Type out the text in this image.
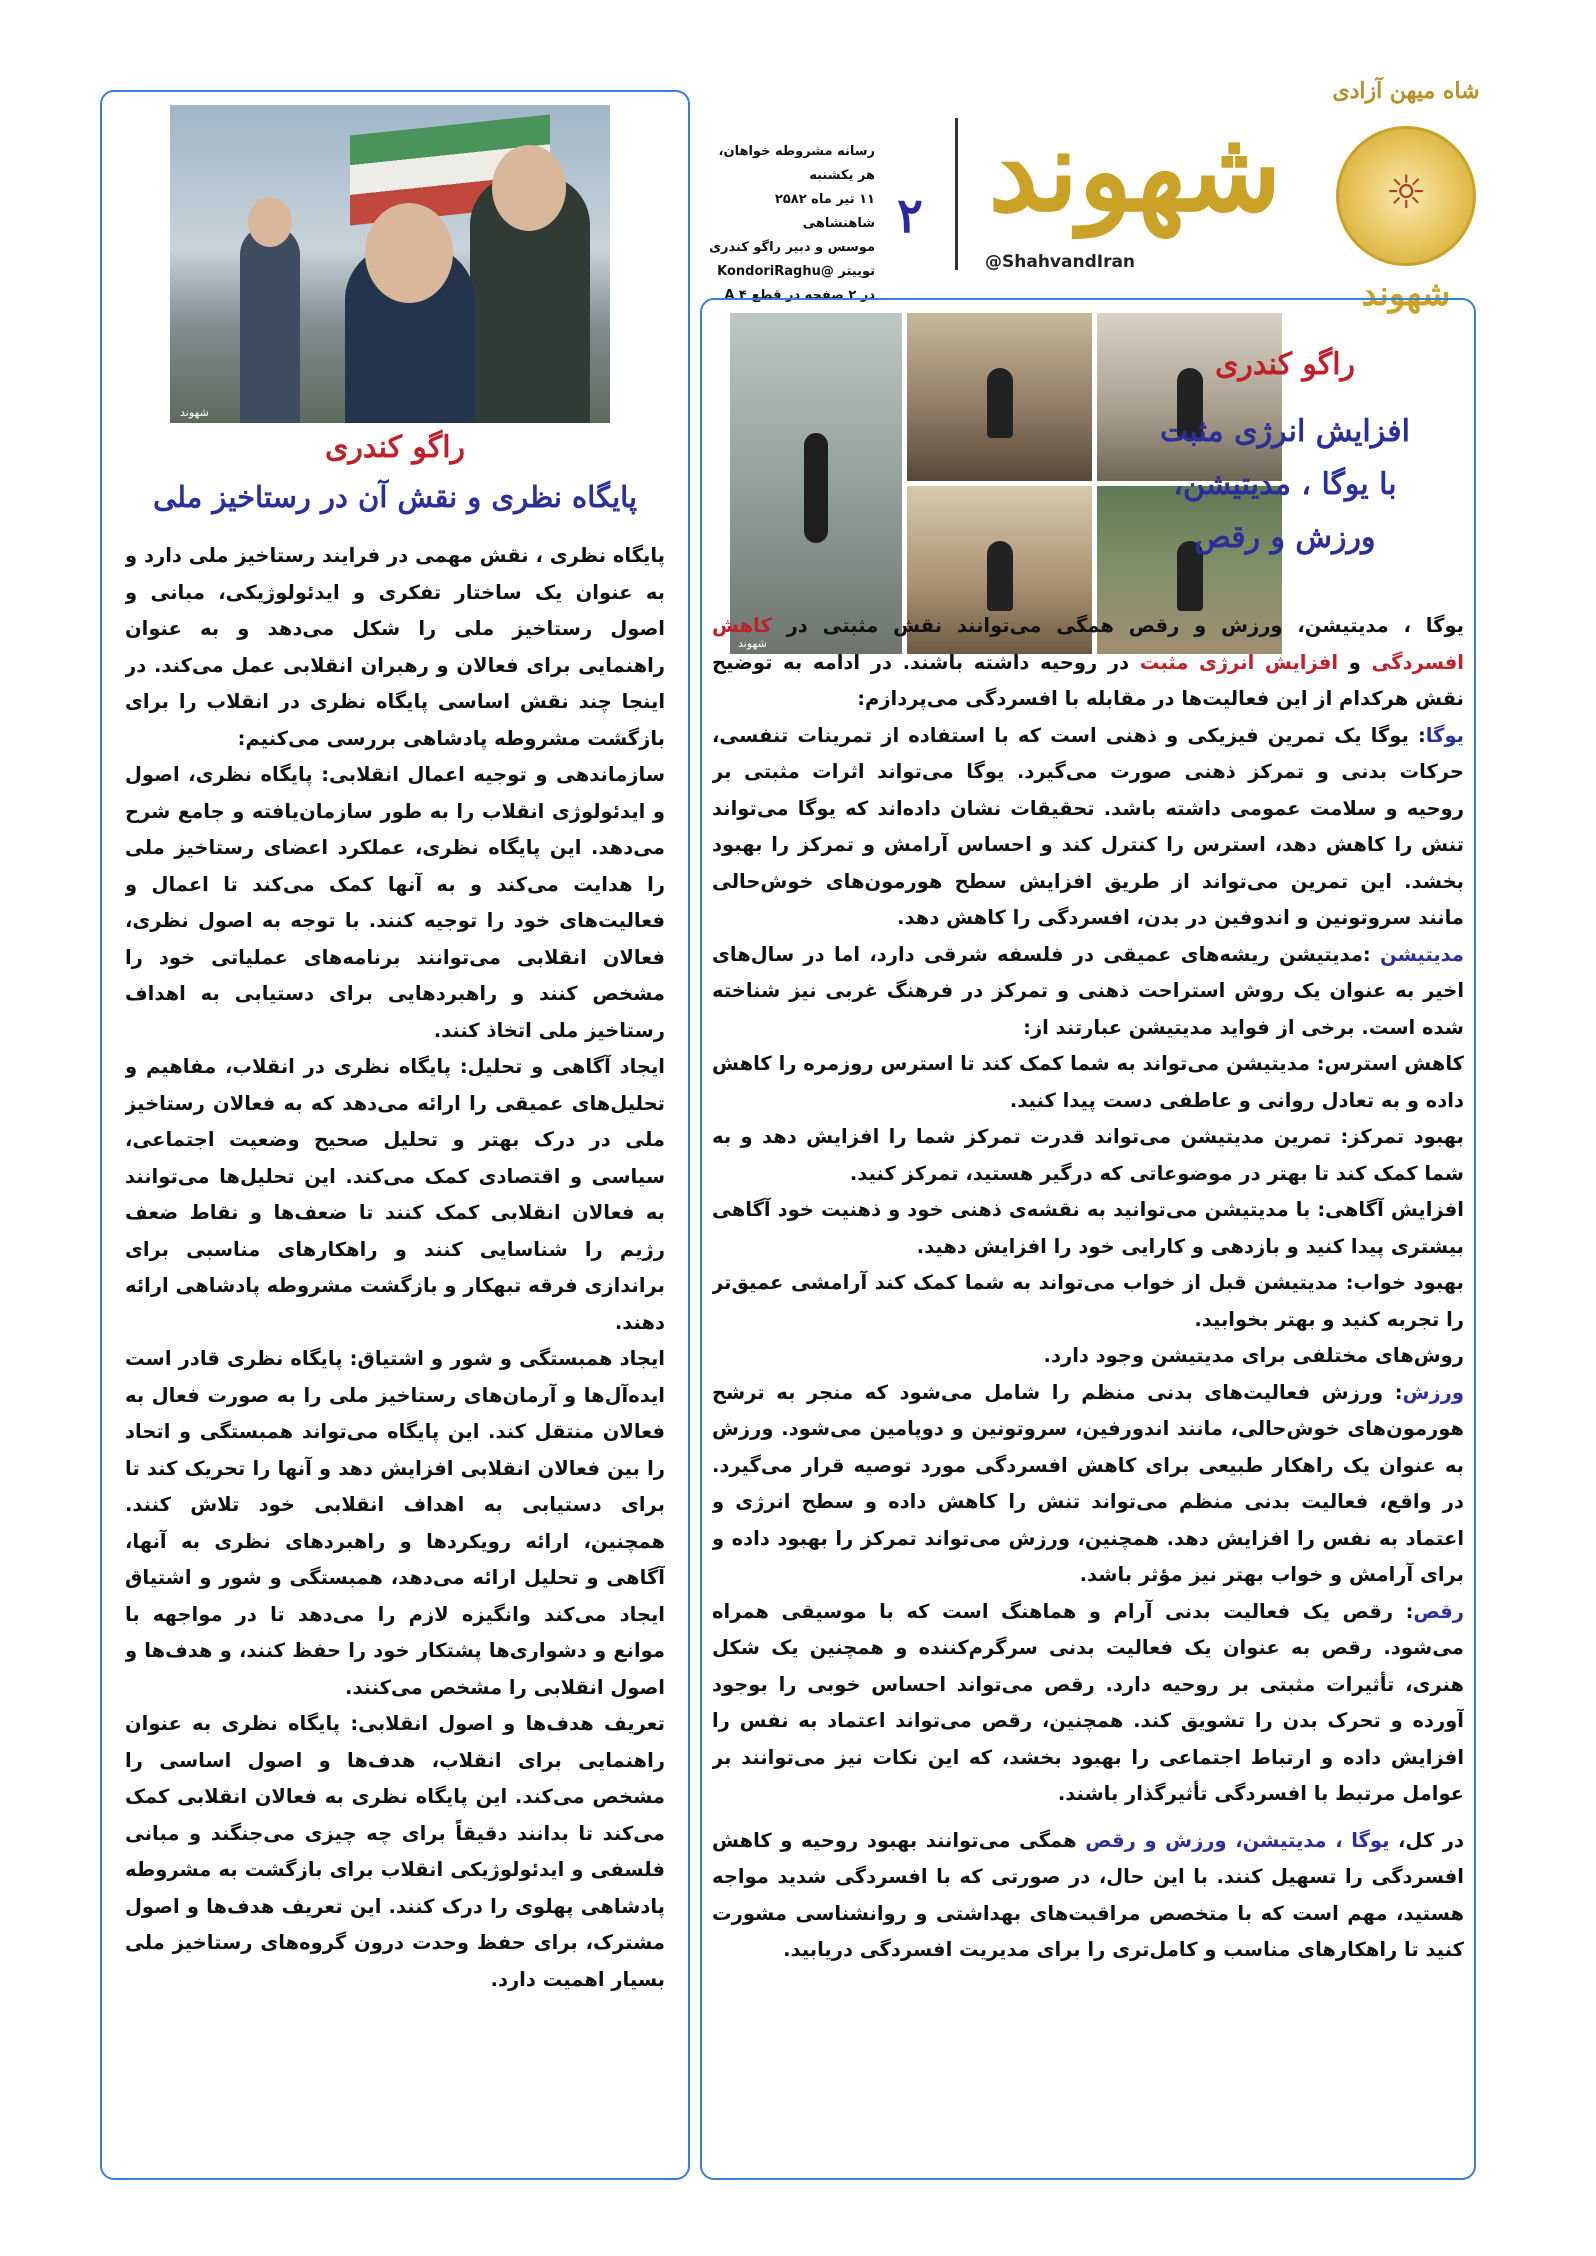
شاه میهن آزادی
☼
شهوند
شهوند
@ShahvandIran
۲
رسانه مشروطه خواهان، هر یکشنبه
۱۱ تیر ماه ۲۵۸۲ شاهنشاهی
موسس و دبیر راگو کندری
توییتر @KondoriRaghu
در ۲ صفحه در قطع A ۴
شهوند
شهوند
راگو کندری
افزایش انرژی مثبت
با یوگا ، مدیتیشن،
ورزش و رقص
راگو کندری
پایگاه نظری و نقش آن در رستاخیز ملی

پایگاه نظری ، نقش مهمی در فرایند رستاخیز ملی دارد و به عنوان یک ساختار تفکری و ایدئولوژیکی، مبانی و اصول رستاخیز ملی را شکل می‌دهد و به عنوان راهنمایی برای فعالان و رهبران انقلابی عمل می‌کند. در اینجا چند نقش اساسی پایگاه نظری در انقلاب را برای بازگشت مشروطه پادشاهی بررسی می‌کنیم:

سازماندهی و توجیه اعمال انقلابی: پایگاه نظری، اصول و ایدئولوژی انقلاب را به طور سازمان‌یافته و جامع شرح می‌دهد. این پایگاه نظری، عملکرد اعضای رستاخیز ملی را هدایت می‌کند و به آنها کمک می‌کند تا اعمال و فعالیت‌های خود را توجیه کنند. با توجه به اصول نظری، فعالان انقلابی می‌توانند برنامه‌های عملیاتی خود را مشخص کنند و راهبردهایی برای دستیابی به اهداف رستاخیز ملی اتخاذ کنند.

ایجاد آگاهی و تحلیل: پایگاه نظری در انقلاب، مفاهیم و تحلیل‌های عمیقی را ارائه می‌دهد که به فعالان رستاخیز ملی در درک بهتر و تحلیل صحیح وضعیت اجتماعی، سیاسی و اقتصادی کمک می‌کند. این تحلیل‌ها می‌توانند به فعالان انقلابی کمک کنند تا ضعف‌ها و نقاط ضعف رژیم را شناسایی کنند و راهکارهای مناسبی برای براندازی فرقه تبهکار و بازگشت مشروطه پادشاهی ارائه دهند.

ایجاد همبستگی و شور و اشتیاق: پایگاه نظری قادر است ایده‌آل‌ها و آرمان‌های رستاخیز ملی را به صورت فعال به فعالان منتقل کند. این پایگاه می‌تواند همبستگی و اتحاد را بین فعالان انقلابی افزایش دهد و آنها را تحریک کند تا برای دستیابی به اهداف انقلابی خود تلاش کنند. همچنین، ارائه رویکردها و راهبردهای نظری به آنها، آگاهی و تحلیل ارائه می‌دهد، همبستگی و شور و اشتیاق ایجاد می‌کند وانگیزه لازم را می‌دهد تا در مواجهه با موانع و دشواری‌ها پشتکار خود را حفظ کنند، و هدف‌ها و اصول انقلابی را مشخص می‌کنند.

تعریف هدف‌ها و اصول انقلابی: پایگاه نظری به عنوان راهنمایی برای انقلاب، هدف‌ها و اصول اساسی را مشخص می‌کند. این پایگاه نظری به فعالان انقلابی کمک می‌کند تا بدانند دقیقاً برای چه چیزی می‌جنگند و مبانی فلسفی و ایدئولوژیکی انقلاب برای بازگشت به مشروطه پادشاهی پهلوی را درک کنند. این تعریف هدف‌ها و اصول مشترک، برای حفظ وحدت درون گروه‌های رستاخیز ملی بسیار اهمیت دارد.

یوگا ، مدیتیشن، ورزش و رقص همگی می‌توانند نقش مثبتی در کاهش افسردگی و افزایش انرژی مثبت در روحیه داشته باشند. در ادامه به توضیح نقش هرکدام از این فعالیت‌ها در مقابله با افسردگی می‌پردازم:

یوگا: یوگا یک تمرین فیزیکی و ذهنی است که با استفاده از تمرینات تنفسی، حرکات بدنی و تمرکز ذهنی صورت می‌گیرد. یوگا می‌تواند اثرات مثبتی بر روحیه و سلامت عمومی داشته باشد. تحقیقات نشان داده‌اند که یوگا می‌تواند تنش را کاهش دهد، استرس را کنترل کند و احساس آرامش و تمرکز را بهبود بخشد. این تمرین می‌تواند از طریق افزایش سطح هورمون‌های خوش‌حالی مانند سروتونین و اندوفین در بدن، افسردگی را کاهش دهد.

مدیتیشن :مدیتیشن ریشه‌های عمیقی در فلسفه شرقی دارد، اما در سال‌های اخیر به عنوان یک روش استراحت ذهنی و تمرکز در فرهنگ غربی نیز شناخته شده است. برخی از فواید مدیتیشن عبارتند از:

کاهش استرس: مدیتیشن می‌تواند به شما کمک کند تا استرس روزمره را کاهش داده و به تعادل روانی و عاطفی دست پیدا کنید.

بهبود تمرکز: تمرین مدیتیشن می‌تواند قدرت تمرکز شما را افزایش دهد و به شما کمک کند تا بهتر در موضوعاتی که درگیر هستید، تمرکز کنید.

افزایش آگاهی: با مدیتیشن می‌توانید به نقشه‌ی ذهنی خود و ذهنیت خود آگاهی بیشتری پیدا کنید و بازدهی و کارایی خود را افزایش دهید.

بهبود خواب: مدیتیشن قبل از خواب می‌تواند به شما کمک کند آرامشی عمیق‌تر را تجربه کنید و بهتر بخوابید.

روش‌های مختلفی برای مدیتیشن وجود دارد.

ورزش: ورزش فعالیت‌های بدنی منظم را شامل می‌شود که منجر به ترشح هورمون‌های خوش‌حالی، مانند اندورفین، سروتونین و دوپامین می‌شود. ورزش به عنوان یک راهکار طبیعی برای کاهش افسردگی مورد توصیه قرار می‌گیرد. در واقع، فعالیت بدنی منظم می‌تواند تنش را کاهش داده و سطح انرژی و اعتماد به نفس را افزایش دهد. همچنین، ورزش می‌تواند تمرکز را بهبود داده و برای آرامش و خواب بهتر نیز مؤثر باشد.

رقص: رقص یک فعالیت بدنی آرام و هماهنگ است که با موسیقی همراه می‌شود. رقص به عنوان یک فعالیت بدنی سرگرم‌کننده و همچنین یک شکل هنری، تأثیرات مثبتی بر روحیه دارد. رقص می‌تواند احساس خوبی را بوجود آورده و تحرک بدن را تشویق کند. همچنین، رقص می‌تواند اعتماد به نفس را افزایش داده و ارتباط اجتماعی را بهبود بخشد، که این نکات نیز می‌توانند بر عوامل مرتبط با افسردگی تأثیرگذار باشند.

در کل، یوگا ، مدیتیشن، ورزش و رقص همگی می‌توانند بهبود روحیه و کاهش افسردگی را تسهیل کنند. با این حال، در صورتی که با افسردگی شدید مواجه هستید، مهم است که با متخصص مراقبت‌های بهداشتی و روانشناسی مشورت کنید تا راهکارهای مناسب و کامل‌تری را برای مدیریت افسردگی دریابید.
